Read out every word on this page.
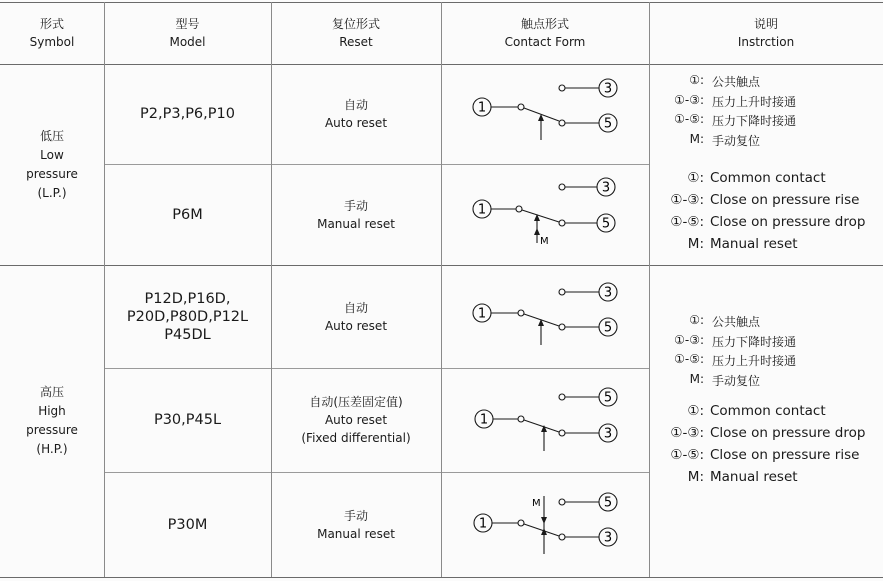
形式
Symbol
型号
Model
复位形式
Reset
触点形式
Contact Form
说明
Instrction
低压
Low
pressure
(L.P.)
P2,P3,P6,P10
自动
Auto reset
1
3
5
P6M
手动
Manual reset
M
1
3
5
①: 公共触点
①-③: 压力上升时接通
①-⑤: 压力下降时接通
M: 手动复位
①: Common contact
①-③: Close on pressure rise
①-⑤: Close on pressure drop
M: Manual reset
高压
High
pressure
(H.P.)
P12D,P16D,
P20D,P80D,P12L
P45DL
自动
Auto reset
1
3
5
P30,P45L
自动(压差固定值)
Auto reset
(Fixed differential)
1
5
3
P30M
手动
Manual reset
M
1
5
3
①: 公共触点
①-③: 压力下降时接通
①-⑤: 压力上升时接通
M: 手动复位
①: Common contact
①-③: Close on pressure drop
①-⑤: Close on pressure rise
M: Manual reset
